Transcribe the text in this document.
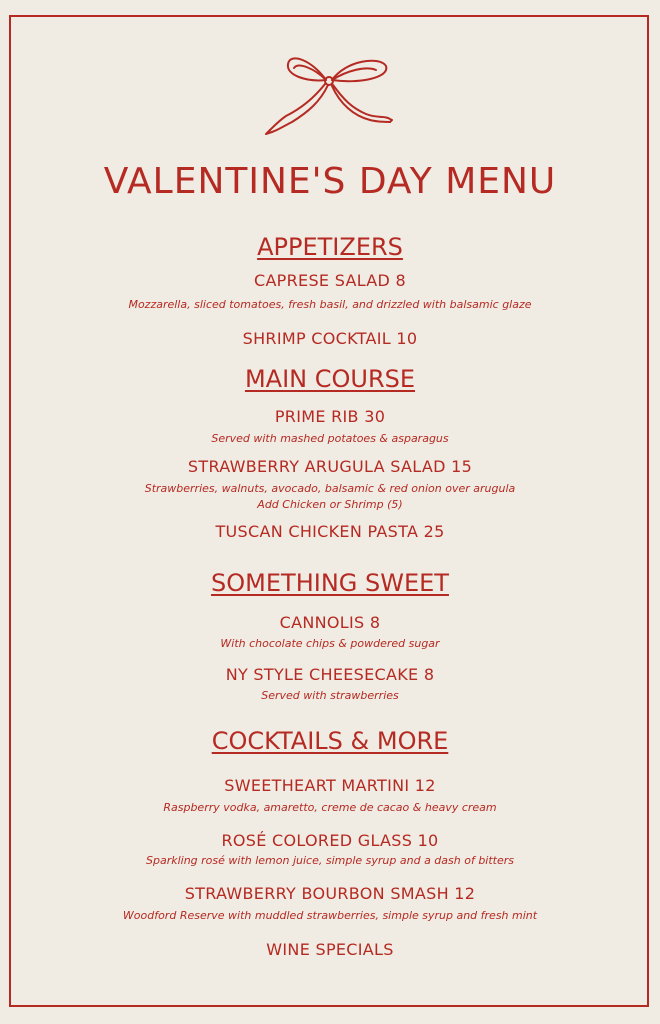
VALENTINE'S DAY MENU
APPETIZERS
CAPRESE SALAD 8
Mozzarella, sliced tomatoes, fresh basil, and drizzled with balsamic glaze
SHRIMP COCKTAIL 10
MAIN COURSE
PRIME RIB 30
Served with mashed potatoes & asparagus
STRAWBERRY ARUGULA SALAD 15
Strawberries, walnuts, avocado, balsamic & red onion over arugula
Add Chicken or Shrimp (5)
TUSCAN CHICKEN PASTA 25
SOMETHING SWEET
CANNOLIS 8
With chocolate chips & powdered sugar
NY STYLE CHEESECAKE 8
Served with strawberries
COCKTAILS & MORE
SWEETHEART MARTINI 12
Raspberry vodka, amaretto, creme de cacao & heavy cream
ROSÉ COLORED GLASS 10
Sparkling rosé with lemon juice, simple syrup and a dash of bitters
STRAWBERRY BOURBON SMASH 12
Woodford Reserve with muddled strawberries, simple syrup and fresh mint
WINE SPECIALS
